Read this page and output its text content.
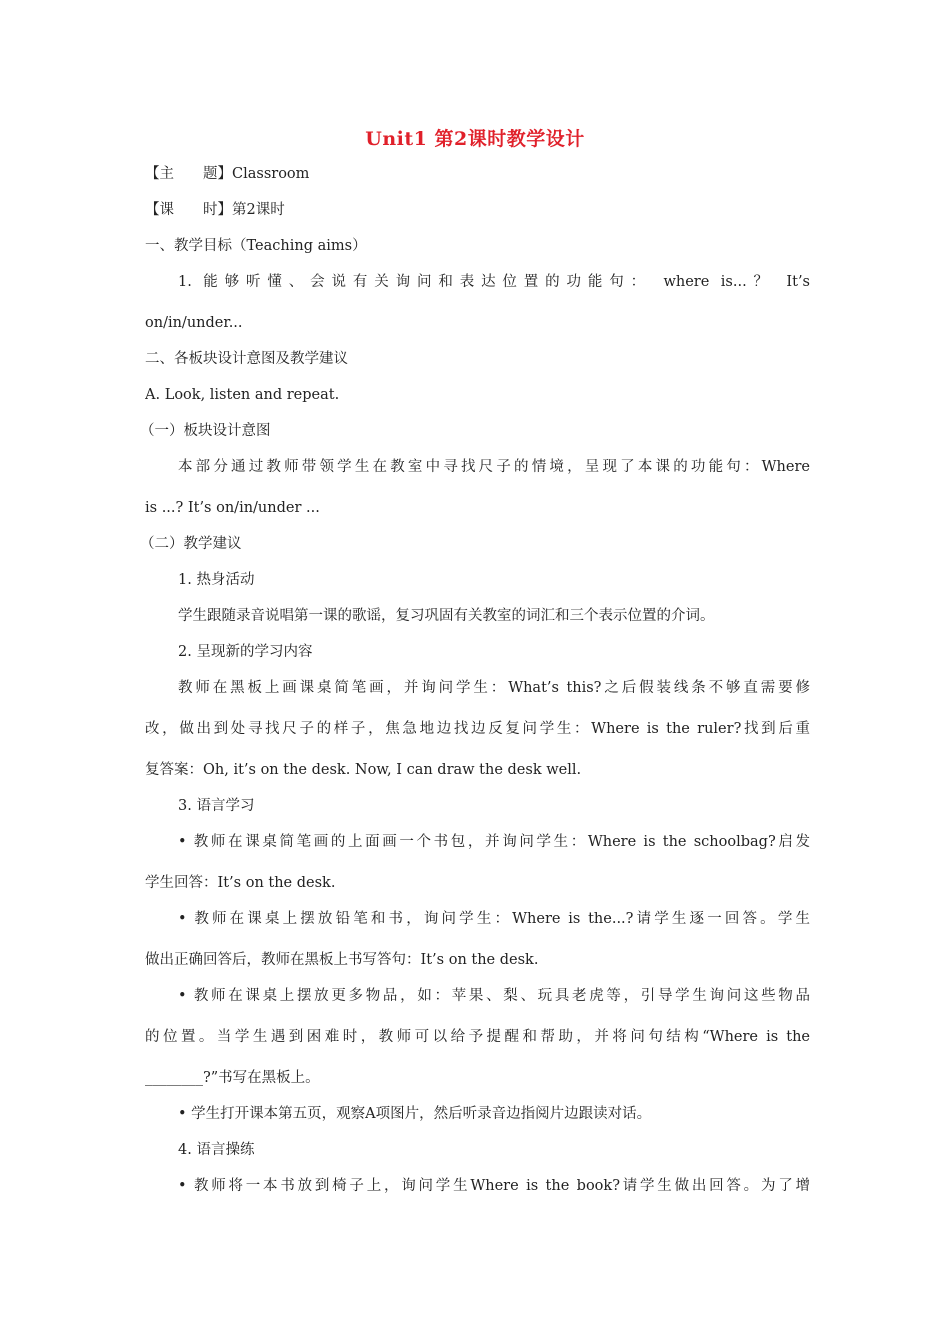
Unit1 第2课时教学设计
【主　　题】Classroom
【课　　时】第2课时
一、教学目标（Teaching aims）
1. 能够听懂、会说有关询问和表达位置的功能句： where is...？ It’s
on/in/under...
二、各板块设计意图及教学建议
A. Look, listen and repeat.
（一）板块设计意图
本部分通过教师带领学生在教室中寻找尺子的情境，呈现了本课的功能句：Where
is ...? It’s on/in/under ...
（二）教学建议
1. 热身活动
学生跟随录音说唱第一课的歌谣，复习巩固有关教室的词汇和三个表示位置的介词。
2. 呈现新的学习内容
教师在黑板上画课桌简笔画，并询问学生：What’s this?之后假装线条不够直需要修
改，做出到处寻找尺子的样子，焦急地边找边反复问学生：Where is the ruler?找到后重
复答案：Oh, it’s on the desk. Now, I can draw the desk well.
3. 语言学习
• 教师在课桌简笔画的上面画一个书包，并询问学生：Where is the schoolbag?启发
学生回答：It’s on the desk.
• 教师在课桌上摆放铅笔和书，询问学生：Where is the...?请学生逐一回答。学生
做出正确回答后，教师在黑板上书写答句：It’s on the desk.
• 教师在课桌上摆放更多物品，如：苹果、梨、玩具老虎等，引导学生询问这些物品
的位置。当学生遇到困难时，教师可以给予提醒和帮助，并将问句结构“Where is the
________?”书写在黑板上。
• 学生打开课本第五页，观察A项图片，然后听录音边指阅片边跟读对话。
4. 语言操练
• 教师将一本书放到椅子上，询问学生Where is the book?请学生做出回答。为了增
